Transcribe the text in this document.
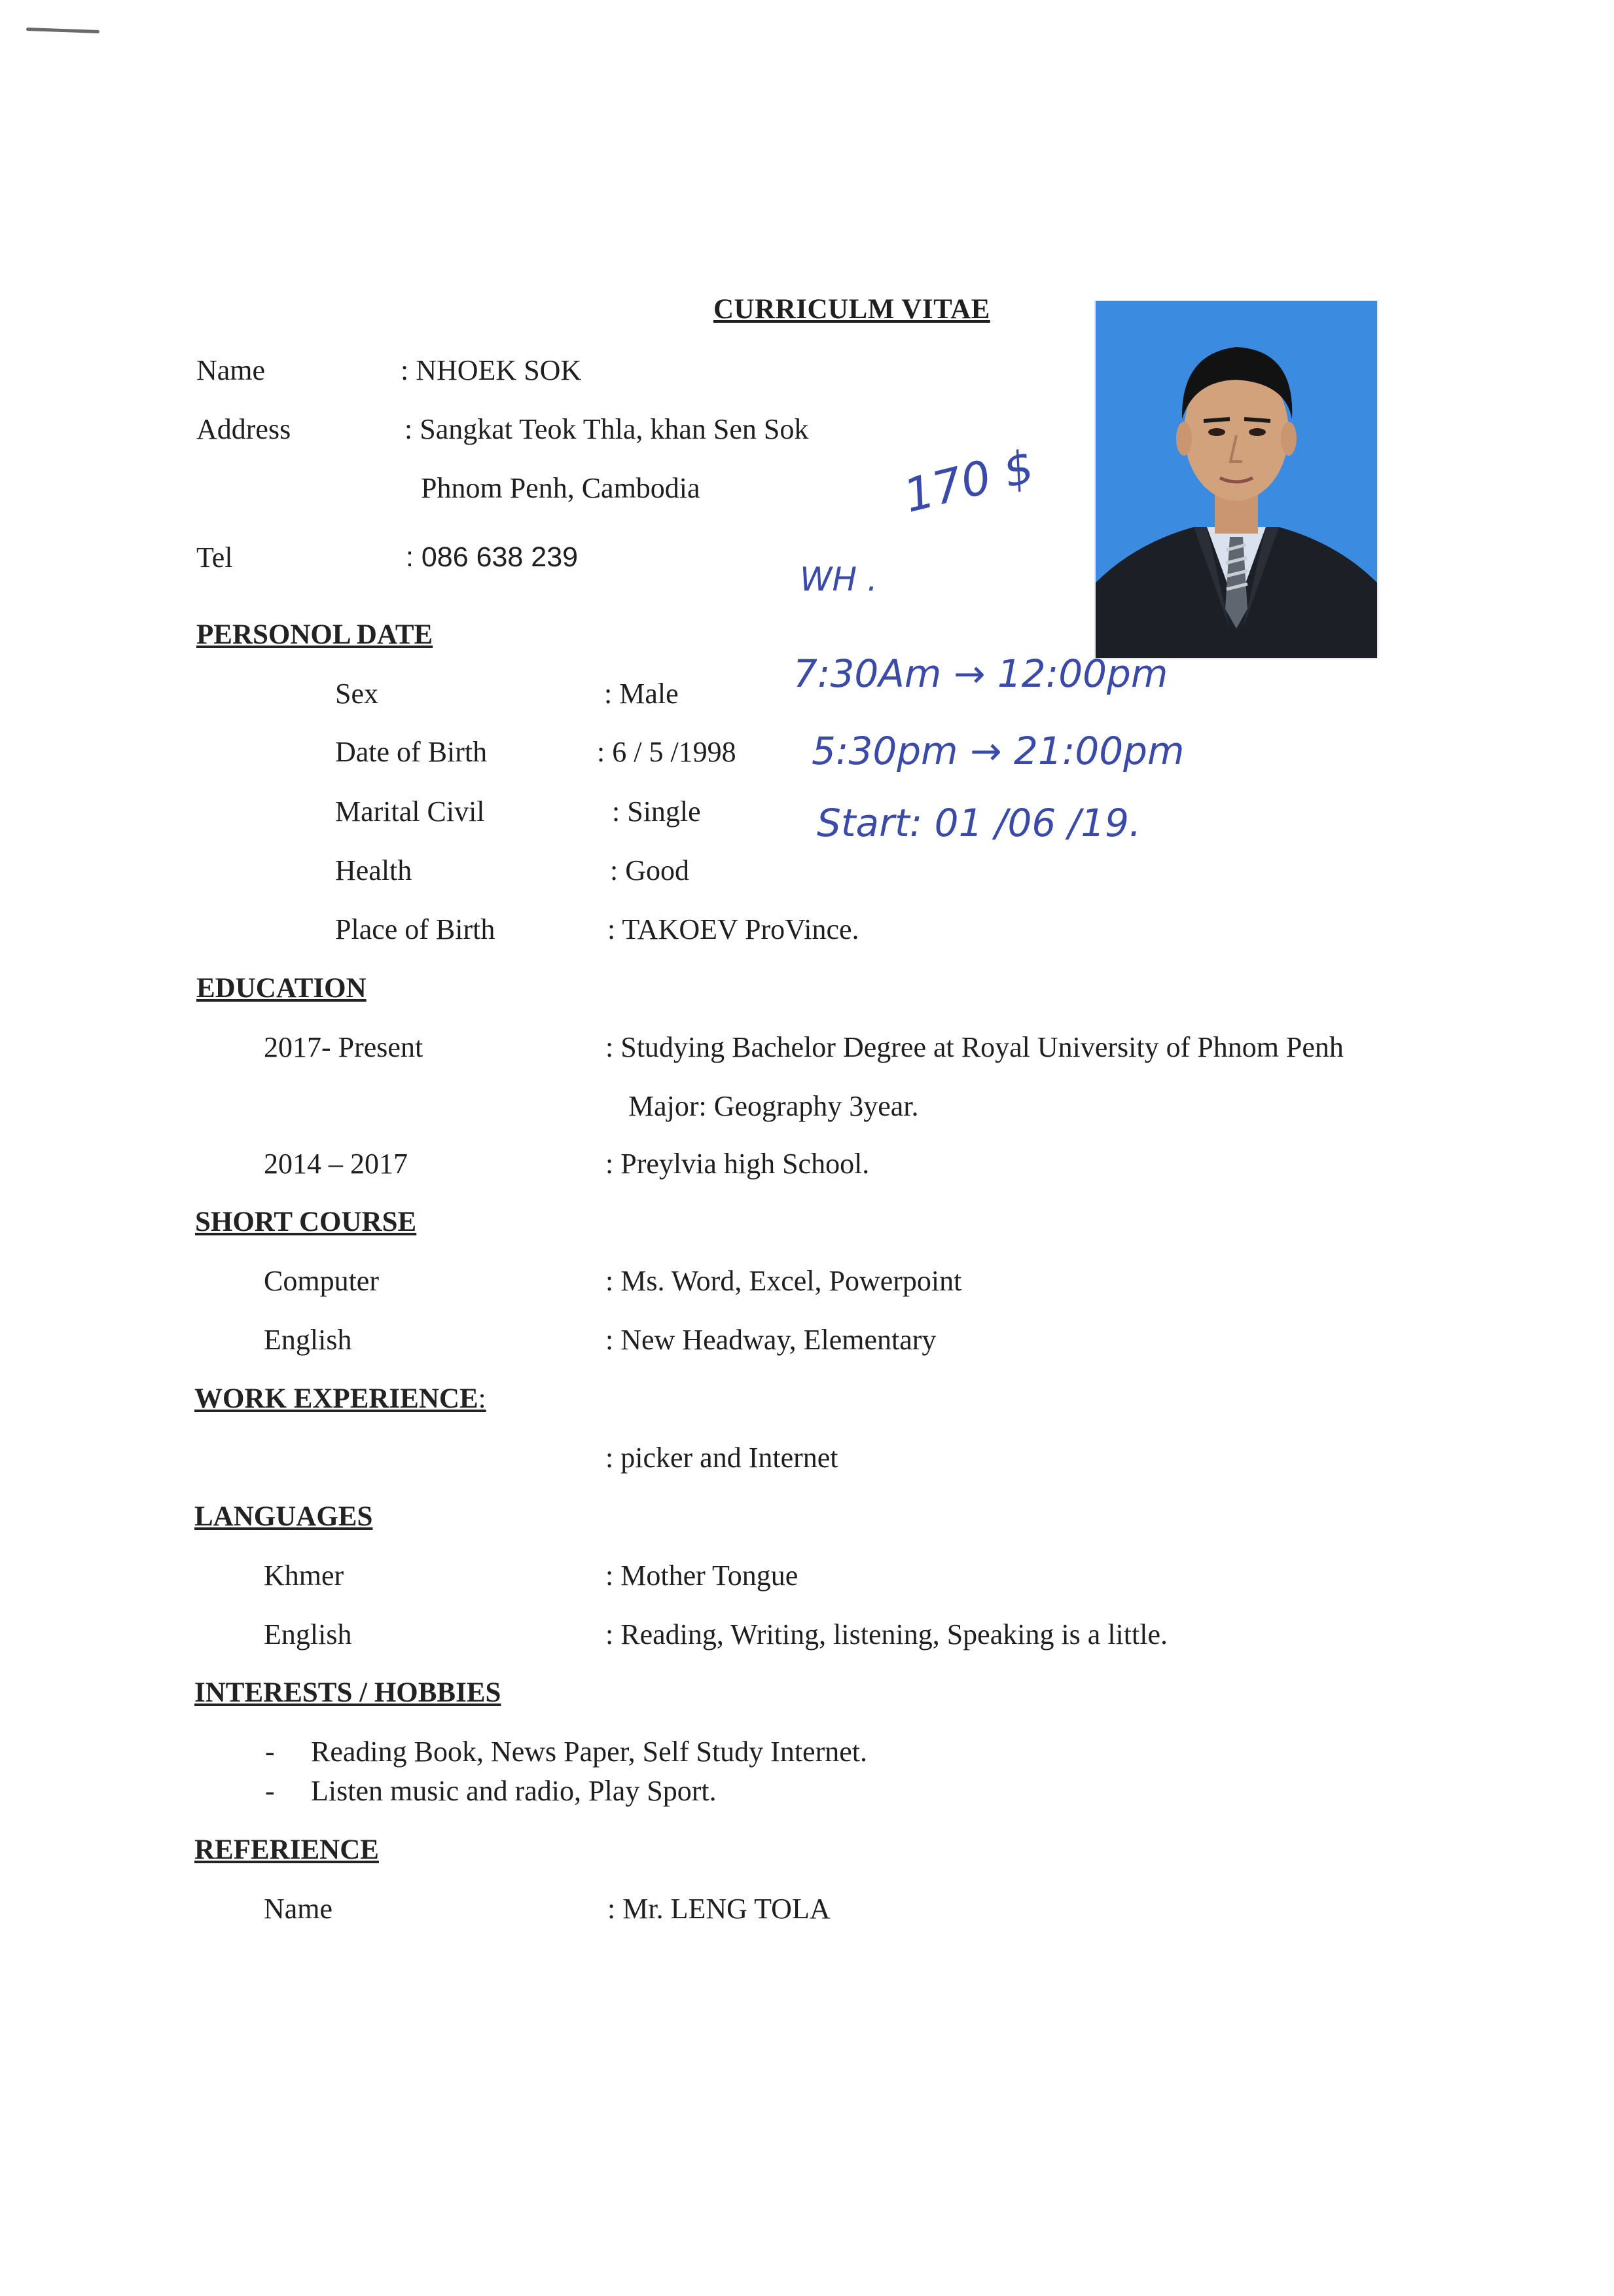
CURRICULM VITAE
Name	: NHOEK SOK
Address	: Sangkat Teok Thla, khan Sen Sok
Phnom Penh, Cambodia
Tel	: 086 638 239
170 $
WH .
7:30Am → 12:00pm
5:30pm → 21:00pm
Start: 01 /06 /19.
PERSONOL DATE
Sex	: Male
Date of Birth	: 6 / 5 /1998
Marital Civil	: Single
Health	: Good
Place of Birth	: TAKOEV ProVince.
EDUCATION
2017- Present	: Studying Bachelor Degree at Royal University of Phnom Penh
Major: Geography 3year.
2014 – 2017	: Preylvia high School.
SHORT COURSE
Computer	: Ms. Word, Excel, Powerpoint
English	: New Headway, Elementary
WORK EXPERIENCE:
: picker and Internet
LANGUAGES
Khmer	: Mother Tongue
English	: Reading, Writing, listening, Speaking is a little.
INTERESTS / HOBBIES
- Reading Book, News Paper, Self Study Internet.
- Listen music and radio, Play Sport.
REFERIENCE
Name	: Mr. LENG TOLA
